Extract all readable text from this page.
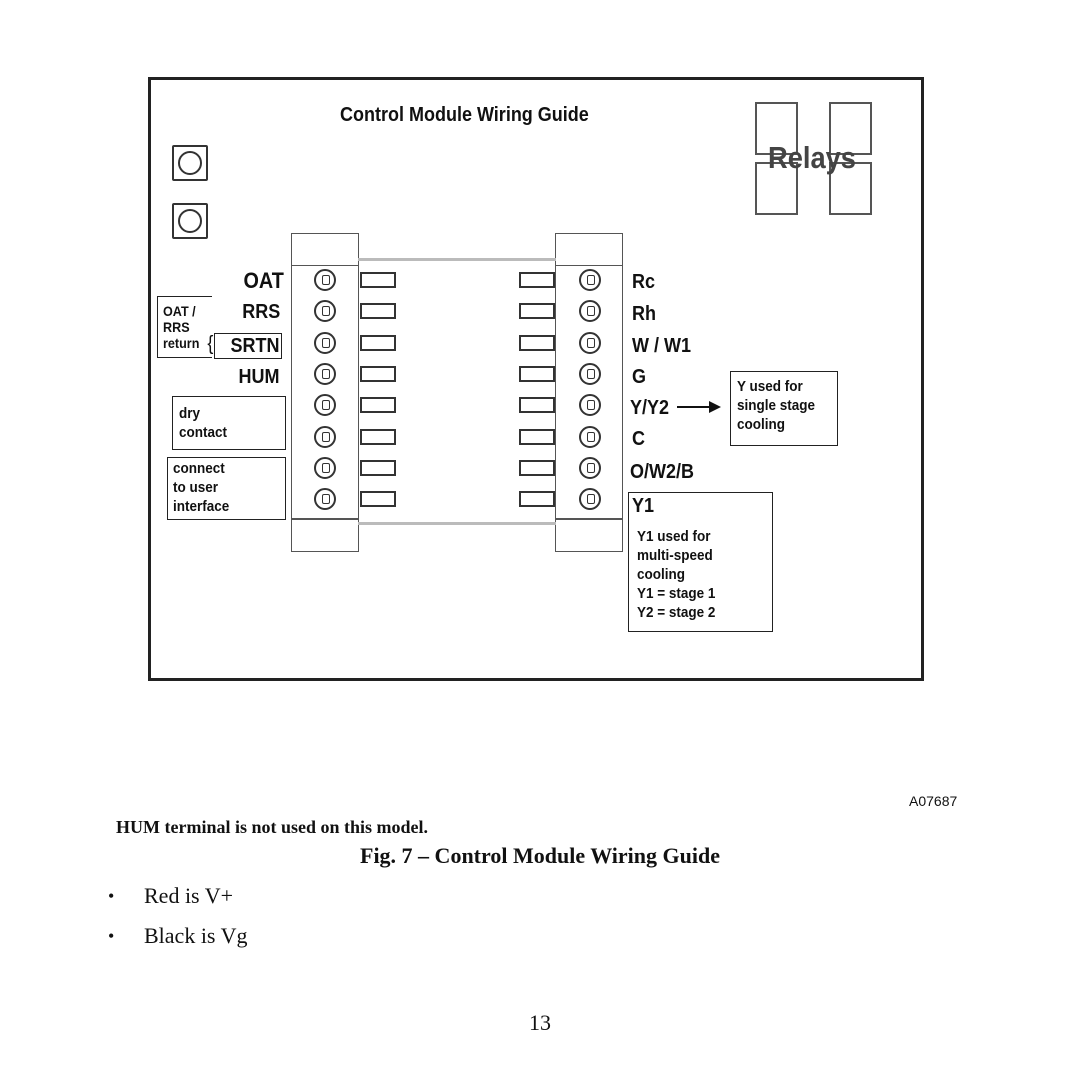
Control Module Wiring Guide
Relays
OAT
RRS
SRTN
HUM
OAT /
RRS
return {
dry
contact
connect
to user
interface
Rc
Rh
W / W1
G
Y/Y2
C
O/W2/B
Y used for
single stage
cooling
Y1
Y1 used for
multi-speed
cooling
Y1 = stage 1
Y2 = stage 2
A07687
HUM terminal is not used on this model.
Fig. 7 – Control Module Wiring Guide
•	Red is V+
•	Black is Vg
13
